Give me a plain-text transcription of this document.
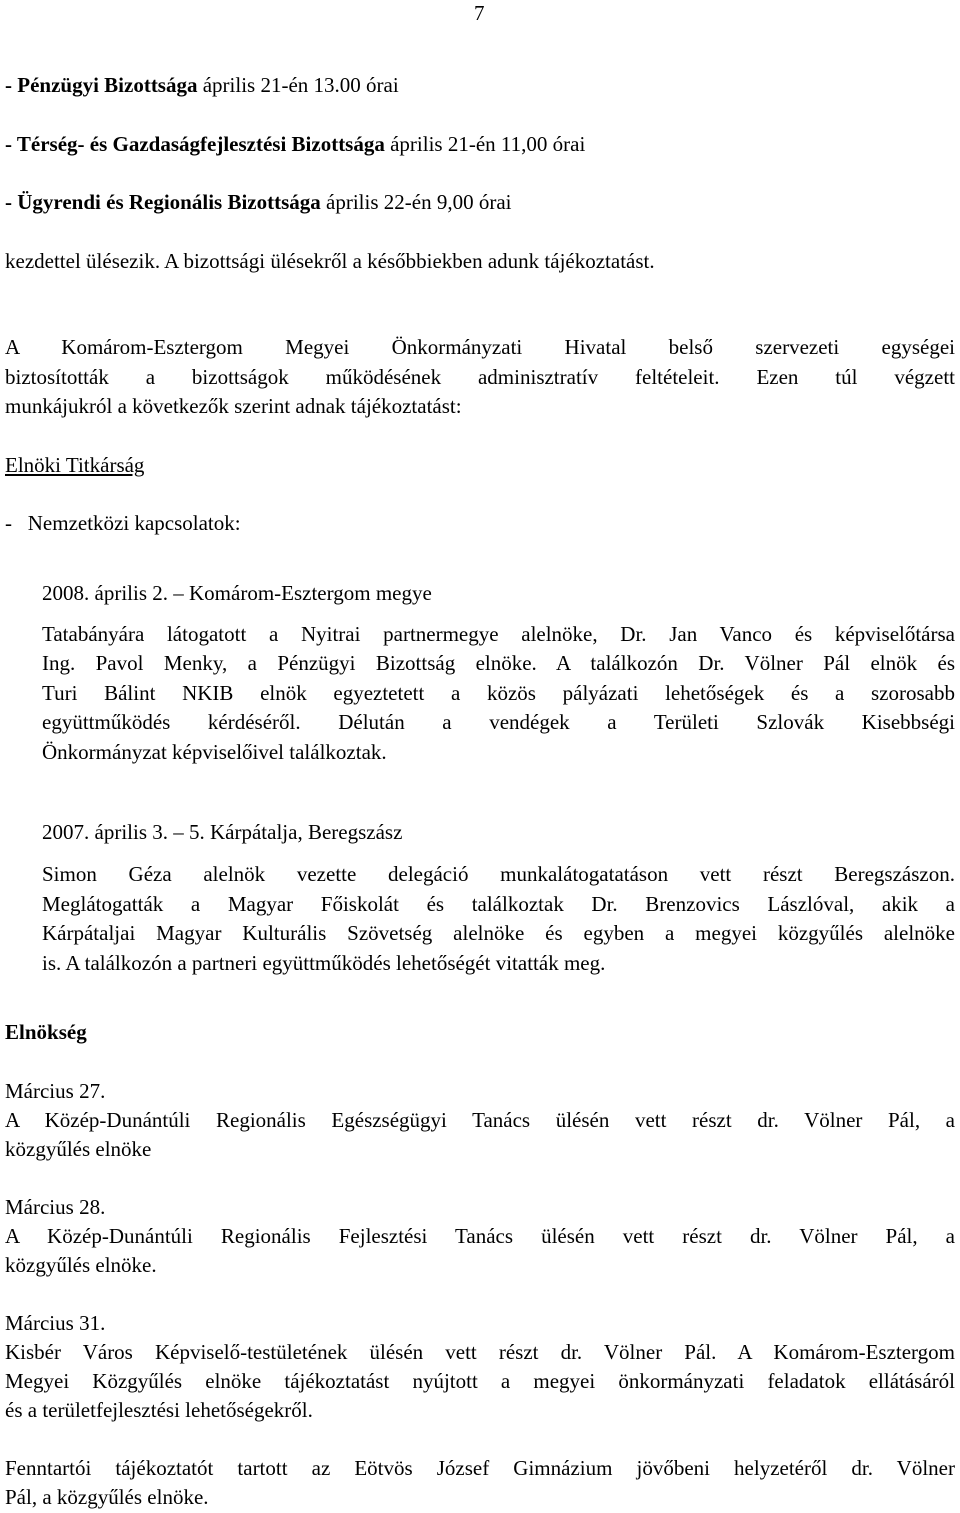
7
- Pénzügyi Bizottsága április 21-én 13.00 órai
- Térség- és Gazdaságfejlesztési Bizottsága április 21-én 11,00 órai
- Ügyrendi és Regionális Bizottsága április 22-én 9,00 órai
kezdettel ülésezik. A bizottsági ülésekről a későbbiekben adunk tájékoztatást.
A Komárom-Esztergom Megyei Önkormányzati Hivatal belső szervezeti egységei
biztosították a bizottságok működésének adminisztratív feltételeit. Ezen túl végzett
munkájukról a következők szerint adnak tájékoztatást:
Elnöki Titkárság
-   Nemzetközi kapcsolatok:
2008. április 2. – Komárom-Esztergom megye
Tatabányára látogatott a Nyitrai partnermegye alelnöke, Dr. Jan Vanco és képviselőtársa
Ing. Pavol Menky, a Pénzügyi Bizottság elnöke. A találkozón Dr. Völner Pál elnök és
Turi Bálint NKIB elnök egyeztetett a közös pályázati lehetőségek és a szorosabb
együttműködés kérdéséről. Délután a vendégek a Területi Szlovák Kisebbségi
Önkormányzat képviselőivel találkoztak.
2007. április 3. – 5. Kárpátalja, Beregszász
Simon Géza alelnök vezette delegáció munkalátogatatáson vett részt Beregszászon.
Meglátogatták a Magyar Főiskolát és találkoztak Dr. Brenzovics Lászlóval, akik a
Kárpátaljai Magyar Kulturális Szövetség alelnöke és egyben a megyei közgyűlés alelnöke
is. A találkozón a partneri együttműködés lehetőségét vitatták meg.
Elnökség
Március 27.
A Közép-Dunántúli Regionális Egészségügyi Tanács ülésén vett részt dr. Völner Pál, a
közgyűlés elnöke
Március 28.
A Közép-Dunántúli Regionális Fejlesztési Tanács ülésén vett részt dr. Völner Pál, a
közgyűlés elnöke.
Március 31.
Kisbér Város Képviselő-testületének ülésén vett részt dr. Völner Pál. A Komárom-Esztergom
Megyei Közgyűlés elnöke tájékoztatást nyújtott a megyei önkormányzati feladatok ellátásáról
és a területfejlesztési lehetőségekről.
Fenntartói tájékoztatót tartott az Eötvös József Gimnázium jövőbeni helyzetéről dr. Völner
Pál, a közgyűlés elnöke.
